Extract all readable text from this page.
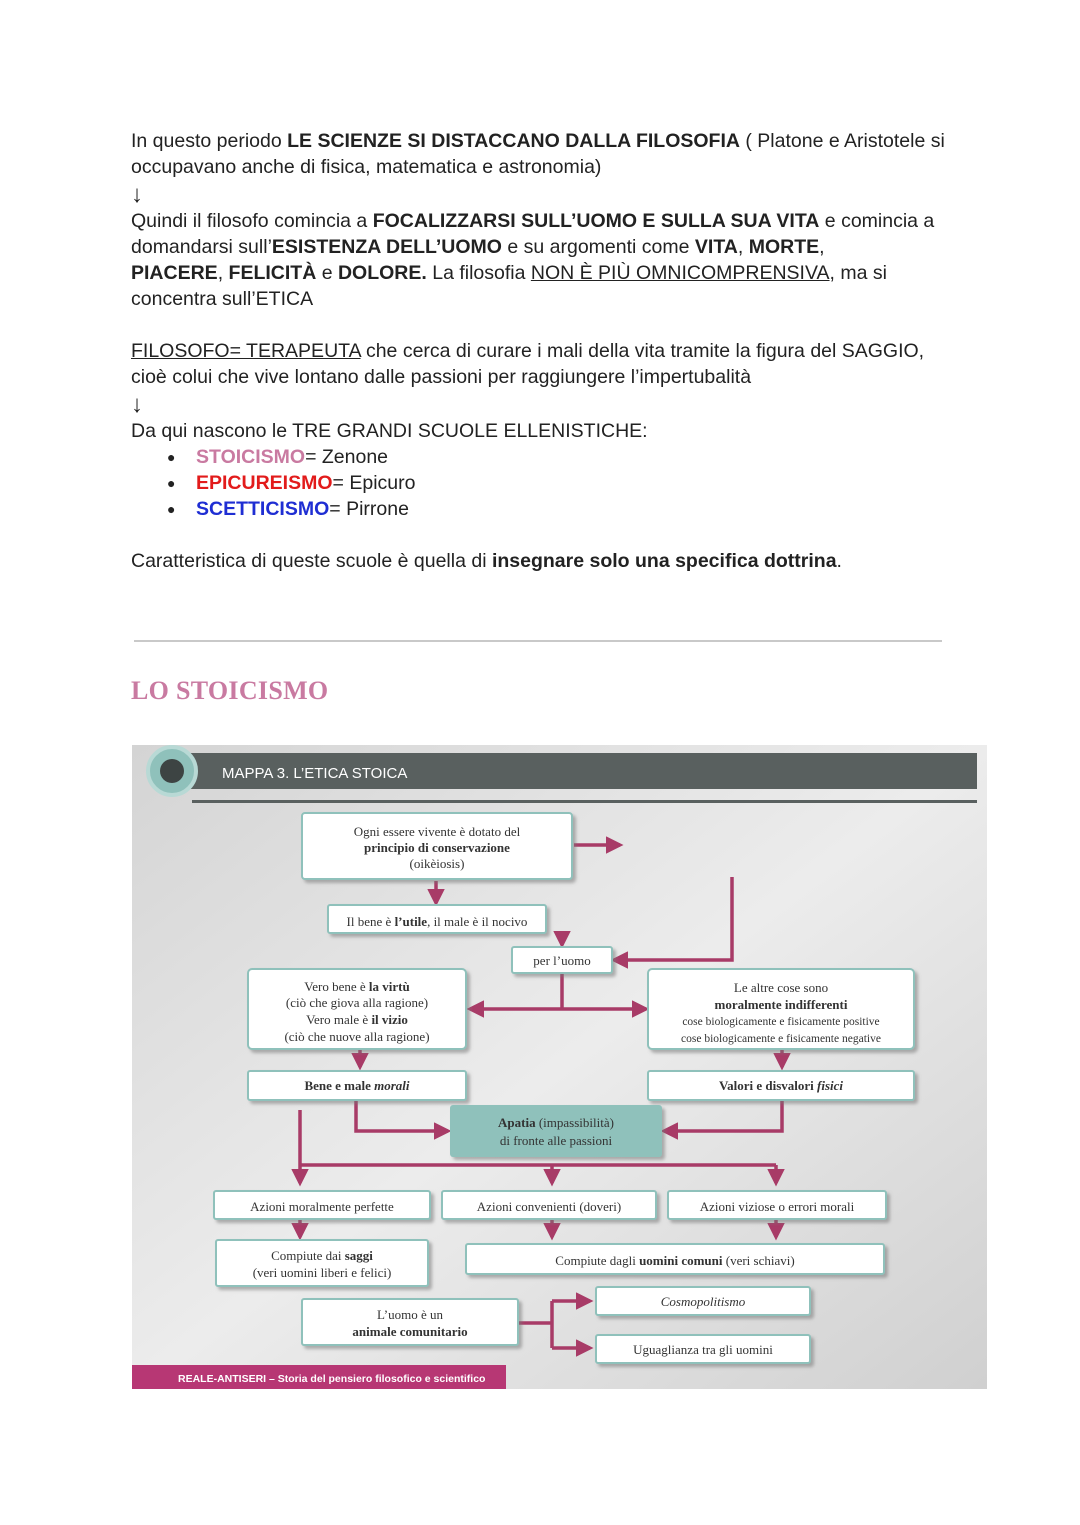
In questo periodo LE SCIENZE SI DISTACCANO DALLA FILOSOFIA ( Platone e Aristotele si occupavano anche di fisica, matematica e astronomia)

↓

Quindi il filosofo comincia a FOCALIZZARSI SULL’UOMO E SULLA SUA VITA e comincia a domandarsi sull’ESISTENZA DELL’UOMO e su argomenti come VITA, MORTE,
PIACERE, FELICITÀ e DOLORE. La filosofia NON È PIÙ OMNICOMPRENSIVA, ma si concentra sull’ETICA

FILOSOFO= TERAPEUTA che cerca di curare i mali della vita tramite la figura del SAGGIO, cioè colui che vive lontano dalle passioni per raggiungere l’impertubalità

↓

Da qui nascono le TRE GRANDI SCUOLE ELLENISTICHE:

● STOICISMO= Zenone
● EPICUREISMO= Epicuro
● SCETTICISMO= Pirrone

Caratteristica di queste scuole è quella di insegnare solo una specifica dottrina.

LO STOICISMO
MAPPA 3. L’ETICA STOICA
Ogni essere vivente è dotato del
principio di conservazione
(oikèiosis)
Il bene è l’utile, il male è il nocivo
per l’uomo
Vero bene è la virtù
(ciò che giova alla ragione)
Vero male è il vizio
(ciò che nuove alla ragione)
Le altre cose sono
moralmente indifferenti
cose biologicamente e fisicamente positive
cose biologicamente e fisicamente negative
Bene e male morali	Valori e disvalori fisici
Apatia (impassibilità)
di fronte alle passioni
Azioni moralmente perfette	Azioni convenienti (doveri)	Azioni viziose o errori morali
Compiute dai saggi
(veri uomini liberi e felici)
Compiute dagli uomini comuni (veri schiavi)
L’uomo è un
animale comunitario
Cosmopolitismo
Uguaglianza tra gli uomini
REALE-ANTISERI – Storia del pensiero filosofico e scientifico
